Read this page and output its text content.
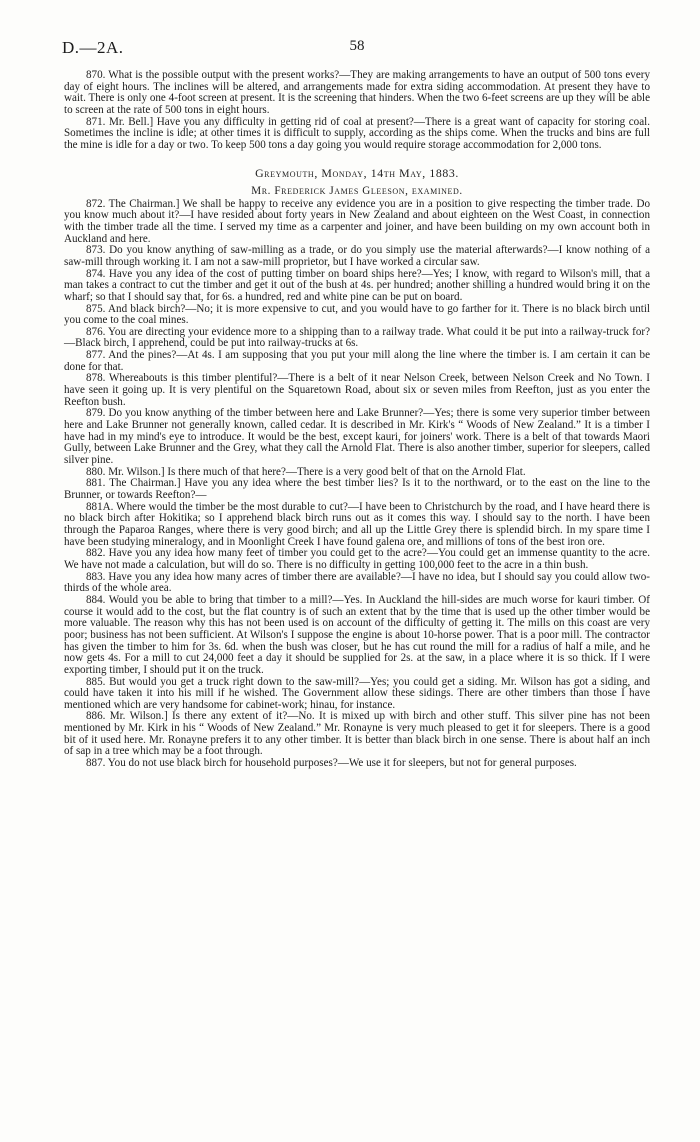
D.—2A.	58

870. What is the possible output with the present works?—They are making arrangements to have an output of 500 tons every day of eight hours. The inclines will be altered, and arrangements made for extra siding accommodation. At present they have to wait. There is only one 4-foot screen at present. It is the screening that hinders. When the two 6-feet screens are up they will be able to screen at the rate of 500 tons in eight hours.

871. Mr. Bell.] Have you any difficulty in getting rid of coal at present?—There is a great want of capacity for storing coal. Sometimes the incline is idle; at other times it is difficult to supply, according as the ships come. When the trucks and bins are full the mine is idle for a day or two. To keep 500 tons a day going you would require storage accommodation for 2,000 tons.

Greymouth, Monday, 14th May, 1883.
Mr. Frederick James Gleeson, examined.

872. The Chairman.] We shall be happy to receive any evidence you are in a position to give respecting the timber trade. Do you know much about it?—I have resided about forty years in New Zealand and about eighteen on the West Coast, in connection with the timber trade all the time. I served my time as a carpenter and joiner, and have been building on my own account both in Auckland and here.

873. Do you know anything of saw-milling as a trade, or do you simply use the material afterwards?—I know nothing of a saw-mill through working it. I am not a saw-mill proprietor, but I have worked a circular saw.

874. Have you any idea of the cost of putting timber on board ships here?—Yes; I know, with regard to Wilson's mill, that a man takes a contract to cut the timber and get it out of the bush at 4s. per hundred; another shilling a hundred would bring it on the wharf; so that I should say that, for 6s. a hundred, red and white pine can be put on board.

875. And black birch?—No; it is more expensive to cut, and you would have to go farther for it. There is no black birch until you come to the coal mines.

876. You are directing your evidence more to a shipping than to a railway trade. What could it be put into a railway-truck for?—Black birch, I apprehend, could be put into railway-trucks at 6s.

877. And the pines?—At 4s. I am supposing that you put your mill along the line where the timber is. I am certain it can be done for that.

878. Whereabouts is this timber plentiful?—There is a belt of it near Nelson Creek, between Nelson Creek and No Town. I have seen it going up. It is very plentiful on the Squaretown Road, about six or seven miles from Reefton, just as you enter the Reefton bush.

879. Do you know anything of the timber between here and Lake Brunner?—Yes; there is some very superior timber between here and Lake Brunner not generally known, called cedar. It is described in Mr. Kirk's “ Woods of New Zealand.” It is a timber I have had in my mind's eye to introduce. It would be the best, except kauri, for joiners' work. There is a belt of that towards Maori Gully, between Lake Brunner and the Grey, what they call the Arnold Flat. There is also another timber, superior for sleepers, called silver pine.

880. Mr. Wilson.] Is there much of that here?—There is a very good belt of that on the Arnold Flat.

881. The Chairman.] Have you any idea where the best timber lies? Is it to the northward, or to the east on the line to the Brunner, or towards Reefton?—

881A. Where would the timber be the most durable to cut?—I have been to Christchurch by the road, and I have heard there is no black birch after Hokitika; so I apprehend black birch runs out as it comes this way. I should say to the north. I have been through the Paparoa Ranges, where there is very good birch; and all up the Little Grey there is splendid birch. In my spare time I have been studying mineralogy, and in Moonlight Creek I have found galena ore, and millions of tons of the best iron ore.

882. Have you any idea how many feet of timber you could get to the acre?—You could get an immense quantity to the acre. We have not made a calculation, but will do so. There is no difficulty in getting 100,000 feet to the acre in a thin bush.

883. Have you any idea how many acres of timber there are available?—I have no idea, but I should say you could allow two-thirds of the whole area.

884. Would you be able to bring that timber to a mill?—Yes. In Auckland the hill-sides are much worse for kauri timber. Of course it would add to the cost, but the flat country is of such an extent that by the time that is used up the other timber would be more valuable. The reason why this has not been used is on account of the difficulty of getting it. The mills on this coast are very poor; business has not been sufficient. At Wilson's I suppose the engine is about 10-horse power. That is a poor mill. The contractor has given the timber to him for 3s. 6d. when the bush was closer, but he has cut round the mill for a radius of half a mile, and he now gets 4s. For a mill to cut 24,000 feet a day it should be supplied for 2s. at the saw, in a place where it is so thick. If I were exporting timber, I should put it on the truck.

885. But would you get a truck right down to the saw-mill?—Yes; you could get a siding. Mr. Wilson has got a siding, and could have taken it into his mill if he wished. The Government allow these sidings. There are other timbers than those I have mentioned which are very handsome for cabinet-work; hinau, for instance.

886. Mr. Wilson.] Is there any extent of it?—No. It is mixed up with birch and other stuff. This silver pine has not been mentioned by Mr. Kirk in his “ Woods of New Zealand.” Mr. Ronayne is very much pleased to get it for sleepers. There is a good bit of it used here. Mr. Ronayne prefers it to any other timber. It is better than black birch in one sense. There is about half an inch of sap in a tree which may be a foot through.

887. You do not use black birch for household purposes?—We use it for sleepers, but not for general purposes.
